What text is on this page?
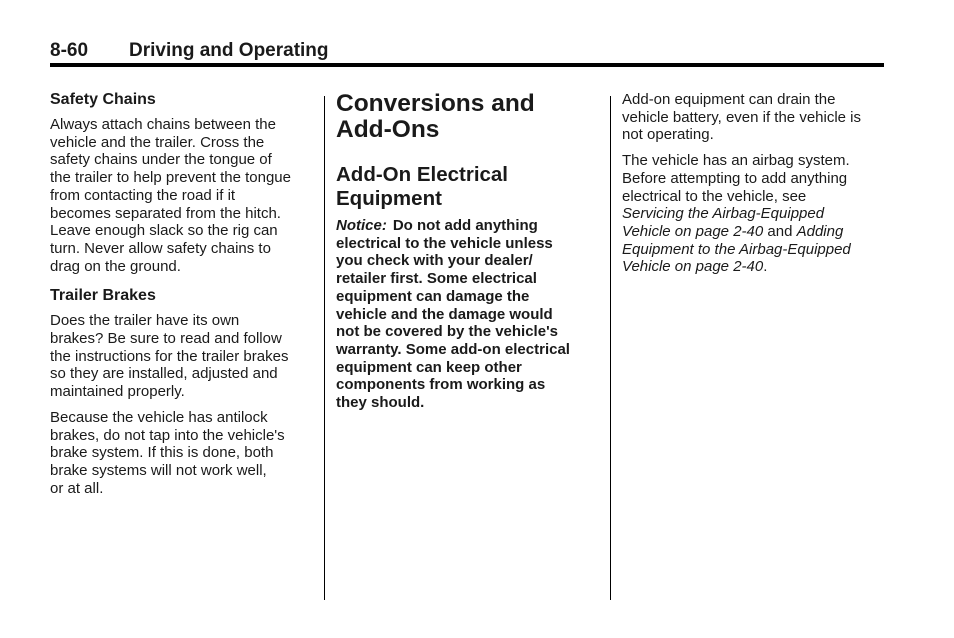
8-60 Driving and Operating
Safety Chains

Always attach chains between the
vehicle and the trailer. Cross the
safety chains under the tongue of
the trailer to help prevent the tongue
from contacting the road if it
becomes separated from the hitch.
Leave enough slack so the rig can
turn. Never allow safety chains to
drag on the ground.

Trailer Brakes

Does the trailer have its own
brakes? Be sure to read and follow
the instructions for the trailer brakes
so they are installed, adjusted and
maintained properly.

Because the vehicle has antilock
brakes, do not tap into the vehicle's
brake system. If this is done, both
brake systems will not work well,
or at all.

Conversions and
Add-Ons
Add-On Electrical
Equipment

Notice: Do not add anything
electrical to the vehicle unless
you check with your dealer/
retailer first. Some electrical
equipment can damage the
vehicle and the damage would
not be covered by the vehicle's
warranty. Some add-on electrical
equipment can keep other
components from working as
they should.

Add-on equipment can drain the
vehicle battery, even if the vehicle is
not operating.

The vehicle has an airbag system.
Before attempting to add anything
electrical to the vehicle, see
Servicing the Airbag-Equipped
Vehicle on page 2-40 and Adding
Equipment to the Airbag-Equipped
Vehicle on page 2-40.
